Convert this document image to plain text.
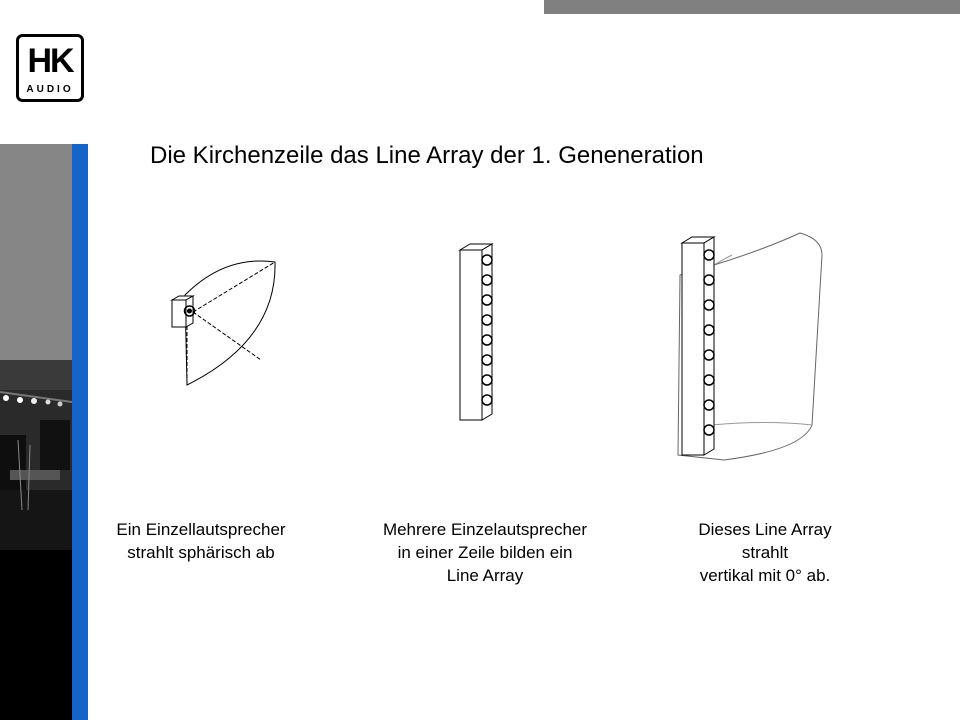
HK
AUDIO
Die Kirchenzeile das Line Array der 1. Geneneration
Ein Einzellautsprecher
strahlt sphärisch ab
Mehrere Einzelautsprecher
in einer Zeile bilden ein
Line Array
Dieses Line Array
strahlt
vertikal mit 0° ab.
